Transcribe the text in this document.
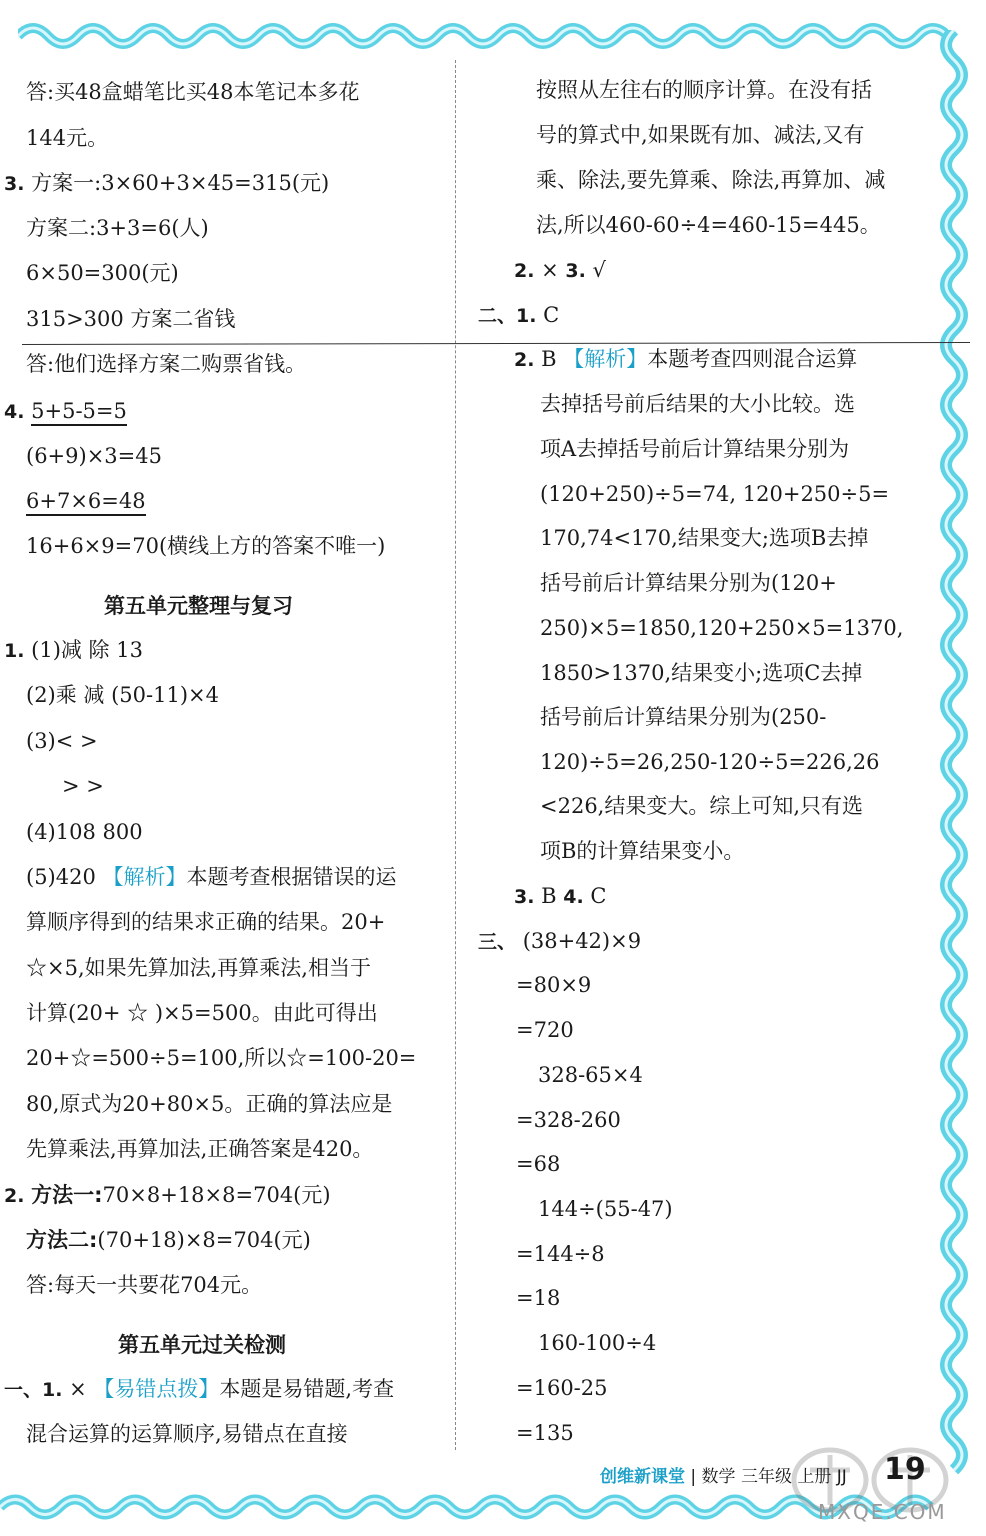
答:买48盒蜡笔比买48本笔记本多花
144元。
3. 方案一:3×60+3×45=315(元)
方案二:3+3=6(人)
6×50=300(元)
315>300 方案二省钱
答:他们选择方案二购票省钱。
4. 5+5-5=5
(6+9)×3=45
6+7×6=48
16+6×9=70(横线上方的答案不唯一)
第五单元整理与复习
1. (1)减 除 13
(2)乘 减 (50-11)×4
(3)< >
> >
(4)108 800
(5)420 【解析】本题考查根据错误的运
算顺序得到的结果求正确的结果。20+
☆×5,如果先算加法,再算乘法,相当于
计算(20+ ☆ )×5=500。由此可得出
20+☆=500÷5=100,所以☆=100-20=
80,原式为20+80×5。正确的算法应是
先算乘法,再算加法,正确答案是420。
2. 方法一:70×8+18×8=704(元)
方法二:(70+18)×8=704(元)
答:每天一共要花704元。
第五单元过关检测
一、1. × 【易错点拨】本题是易错题,考查
混合运算的运算顺序,易错点在直接
按照从左往右的顺序计算。在没有括
号的算式中,如果既有加、减法,又有
乘、除法,要先算乘、除法,再算加、减
法,所以460-60÷4=460-15=445。
2. × 3. √
二、1. C
2. B 【解析】本题考查四则混合运算
去掉括号前后结果的大小比较。选
项A去掉括号前后计算结果分别为
(120+250)÷5=74, 120+250÷5=
170,74<170,结果变大;选项B去掉
括号前后计算结果分别为(120+
250)×5=1850,120+250×5=1370,
1850>1370,结果变小;选项C去掉
括号前后计算结果分别为(250-
120)÷5=26,250-120÷5=226,26
<226,结果变大。综上可知,只有选
项B的计算结果变小。
3. B 4. C
三、 (38+42)×9
=80×9
=720
328-65×4
=328-260
=68
144÷(55-47)
=144÷8
=18
160-100÷4
=160-25
=135
MXQE.COM
创维新课堂 | 数学 三年级 上册 JJ 19
